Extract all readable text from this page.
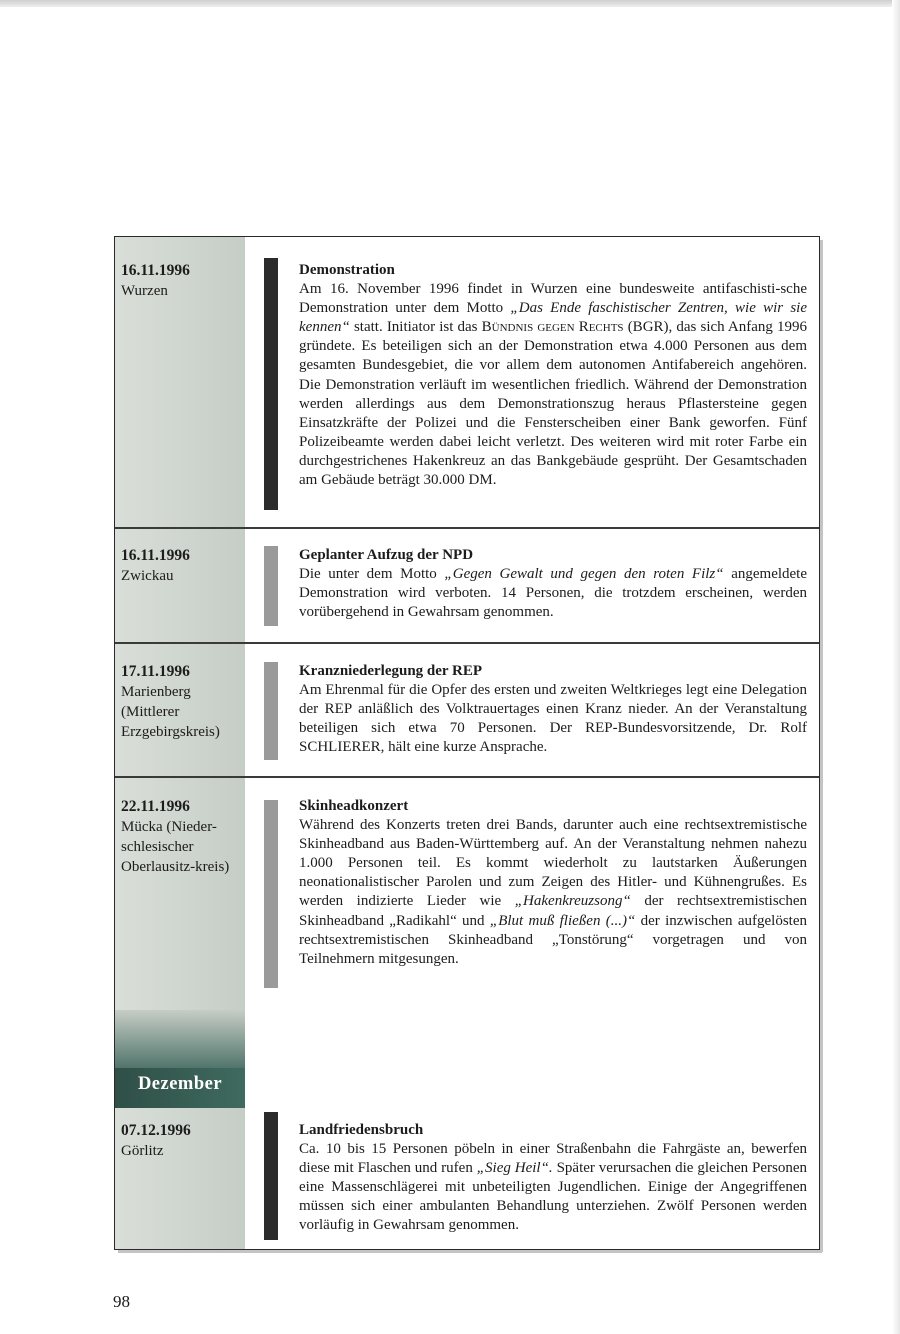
Dezember
16.11.1996
Wurzen
Demonstration
Am 16. November 1996 findet in Wurzen eine bundesweite antifaschisti-sche Demonstration unter dem Motto „Das Ende faschistischer Zentren, wie wir sie kennen“ statt. Initiator ist das Bündnis gegen Rechts (BGR), das sich Anfang 1996 gründete. Es beteiligen sich an der Demonstration etwa 4.000 Personen aus dem gesamten Bundesgebiet, die vor allem dem autonomen Antifabereich angehören. Die Demonstration verläuft im wesentlichen friedlich. Während der Demonstration werden allerdings aus dem Demonstrationszug heraus Pflastersteine gegen Einsatzkräfte der Polizei und die Fensterscheiben einer Bank geworfen. Fünf Polizeibeamte werden dabei leicht verletzt. Des weiteren wird mit roter Farbe ein durchgestrichenes Hakenkreuz an das Bankgebäude gesprüht. Der Gesamtschaden am Gebäude beträgt 30.000 DM.
16.11.1996
Zwickau
Geplanter Aufzug der NPD
Die unter dem Motto „Gegen Gewalt und gegen den roten Filz“ angemeldete Demonstration wird verboten. 14 Personen, die trotzdem erscheinen, werden vorübergehend in Gewahrsam genommen.
17.11.1996
Marienberg (Mittlerer Erzgebirgskreis)
Kranzniederlegung der REP
Am Ehrenmal für die Opfer des ersten und zweiten Weltkrieges legt eine Delegation der REP anläßlich des Volktrauertages einen Kranz nieder. An der Veranstaltung beteiligen sich etwa 70 Personen. Der REP-Bundesvorsitzende, Dr. Rolf SCHLIERER, hält eine kurze Ansprache.
22.11.1996
Mücka (Nieder-schlesischer Oberlausitz-kreis)
Skinheadkonzert
Während des Konzerts treten drei Bands, darunter auch eine rechtsextremistische Skinheadband aus Baden-Württemberg auf. An der Veranstaltung nehmen nahezu 1.000 Personen teil. Es kommt wiederholt zu lautstarken Äußerungen neonationalistischer Parolen und zum Zeigen des Hitler- und Kühnengrußes. Es werden indizierte Lieder wie „Hakenkreuzsong“ der rechtsextremistischen Skinheadband „Radikahl“ und „Blut muß fließen (...)“ der inzwischen aufgelösten rechtsextremistischen Skinheadband „Tonstörung“ vorgetragen und von Teilnehmern mitgesungen.
07.12.1996
Görlitz
Landfriedensbruch
Ca. 10 bis 15 Personen pöbeln in einer Straßenbahn die Fahrgäste an, bewerfen diese mit Flaschen und rufen „Sieg Heil“. Später verursachen die gleichen Personen eine Massenschlägerei mit unbeteiligten Jugendlichen. Einige der Angegriffenen müssen sich einer ambulanten Behandlung unterziehen. Zwölf Personen werden vorläufig in Gewahrsam genommen.
98
